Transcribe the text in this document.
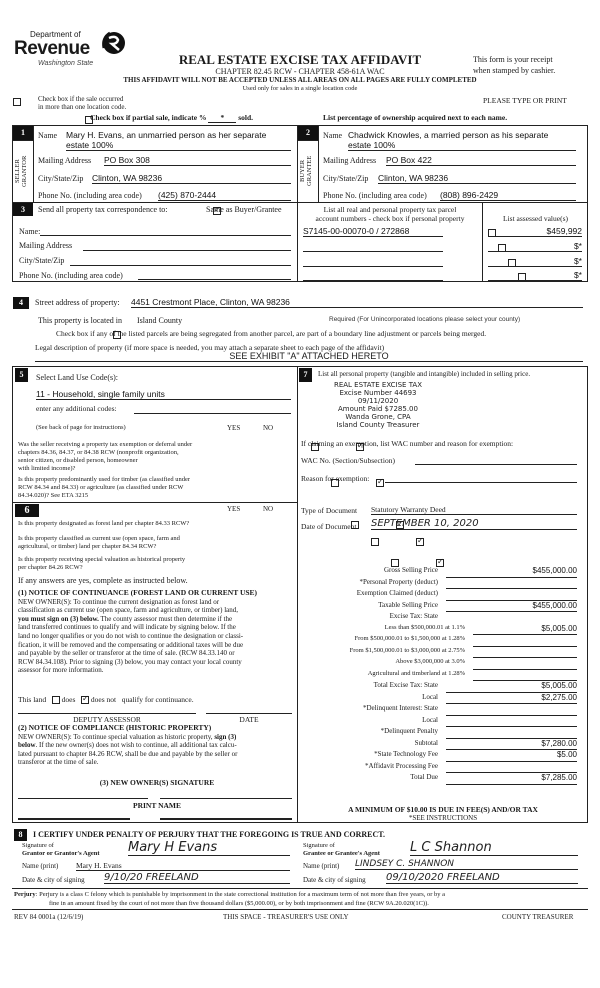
Department of
Revenue
Washington State	REAL ESTATE EXCISE TAX AFFIDAVIT
CHAPTER 82.45 RCW - CHAPTER 458-61A WAC
This form is your receipt
when stamped by cashier.
THIS AFFIDAVIT WILL NOT BE ACCEPTED UNLESS ALL AREAS ON ALL PAGES ARE FULLY COMPLETED
Used only for sales in a single location code

Check box if the sale occurred
in more than one location code.
PLEASE TYPE OR PRINT

Check box if partial sale, indicate % * sold.	List percentage of ownership acquired next to each name.
1
SELLER
GRANTOR
Name Mary H. Evans, an unmarried person as her separate
estate 100%
Mailing Address PO Box 308
City/State/Zip Clinton, WA 98236
Phone No. (including area code) (425) 870-2444
2
BUYER
GRANTEE
Name Chadwick Knowles, a married person as his separate
estate 100%
Mailing Address PO Box 422
City/State/Zip Clinton, WA 98236
Phone No. (including area code) (808) 896-2429
3	Send all property tax correspondence to: ✓	Same as Buyer/Grantee	List all real and personal property tax parcel
account numbers - check box if personal property	List assessed value(s)
Name:
Mailing Address
City/State/Zip
Phone No. (including area code)
S7145-00-00070-0 / 272868
	$459,992

$*

$*

$*
4	Street address of property: 4451 Crestmont Place, Clinton, WA 98236
This property is located in Island County	Required (For Unincorporated locations please select your county)

Check box if any of the listed parcels are being segregated from another parcel, are part of a boundary line adjustment or parcels being merged.
Legal description of property (if more space is needed, you may attach a separate sheet to each page of the affidavit)
SEE EXHIBIT "A" ATTACHED HERETO
5	Select Land Use Code(s):
11 - Household, single family units
enter any additional codes:
(See back of page for instructions)	YES	NO
Was the seller receiving a property tax exemption or deferral under
chapters 84.36, 84.37, or 84.38 RCW (nonprofit organization,
senior citizen, or disabled person, homeowner
with limited income)?
✓
Is this property predominantly used for timber (as classified under
RCW 84.34 and 84.33) or agriculture (as classified under RCW
84.34.020)? See ETA 3215
✓
6	YES	NO
Is this property designated as forest land per chapter 84.33 RCW?
✓
Is this property classified as current use (open space, farm and
agricultural, or timber) land per chapter 84.34 RCW?
✓
Is this property receiving special valuation as historical property
per chapter 84.26 RCW?
✓
If any answers are yes, complete as instructed below.
(1) NOTICE OF CONTINUANCE (FOREST LAND OR CURRENT USE)
NEW OWNER(S): To continue the current designation as forest land or
classification as current use (open space, farm and agriculture, or timber) land,
you must sign on (3) below. The county assessor must then determine if the
land transferred continues to qualify and will indicate by signing below. If the
land no longer qualifies or you do not wish to continue the designation or classi-
fication, it will be removed and the compensating or additional taxes will be due
and payable by the seller or transferor at the time of sale. (RCW 84.33.140 or
RCW 84.34.108). Prior to signing (3) below, you may contact your local county
assessor for more information.
This land does ✓ does not qualify for continuance.
DEPUTY ASSESSOR	DATE
(2) NOTICE OF COMPLIANCE (HISTORIC PROPERTY)
NEW OWNER(S): To continue special valuation as historic property, sign (3)
below. If the new owner(s) does not wish to continue, all additional tax calcu-
lated pursuant to chapter 84.26 RCW, shall be due and payable by the seller or
transferor at the time of sale.
(3) NEW OWNER(S) SIGNATURE
PRINT NAME
7	List all personal property (tangible and intangible) included in selling price.
REAL ESTATE EXCISE TAX
Excise Number 44693
09/11/2020
Amount Paid $7285.00
Wanda Grone, CPA
Island County Treasurer
If claiming an exemption, list WAC number and reason for exemption:
WAC No. (Section/Subsection)
Reason for exemption:
Type of Document Statutory Warranty Deed
Date of Document SEPTEMBER 10, 2020
Gross Selling Price	$455,000.00
*Personal Property (deduct)
Exemption Claimed (deduct)
Taxable Selling Price	$455,000.00
Excise Tax: State
Less than $500,000.01 at 1.1%	$5,005.00
From $500,000.01 to $1,500,000 at 1.28%
From $1,500,000.01 to $3,000,000 at 2.75%
Above $3,000,000 at 3.0%
Agricultural and timberland at 1.28%
Total Excise Tax: State	$5,005.00
Local	$2,275.00
*Delinquent Interest: State
Local
*Delinquent Penalty
Subtotal	$7,280.00
*State Technology Fee	$5.00
*Affidavit Processing Fee
Total Due	$7,285.00
A MINIMUM OF $10.00 IS DUE IN FEE(S) AND/OR TAX
*SEE INSTRUCTIONS
8	I CERTIFY UNDER PENALTY OF PERJURY THAT THE FOREGOING IS TRUE AND CORRECT.
Signature of
Grantor or Grantor's Agent Mary H Evans
Name (print) Mary H. Evans
Date & city of signing 9/10/20 FREELAND
Signature of
Grantee or Grantee's Agent L C Shannon
Name (print) LINDSEY C. SHANNON
Date & city of signing 09/10/2020 FREELAND
Perjury: Perjury is a class C felony which is punishable by imprisonment in the state correctional institution for a maximum term of not more than five years, or by a
fine in an amount fixed by the court of not more than five thousand dollars ($5,000.00), or by both imprisonment and fine (RCW 9A.20.020(1C)).
REV 84 0001a (12/6/19)	THIS SPACE - TREASURER'S USE ONLY	COUNTY TREASURER
